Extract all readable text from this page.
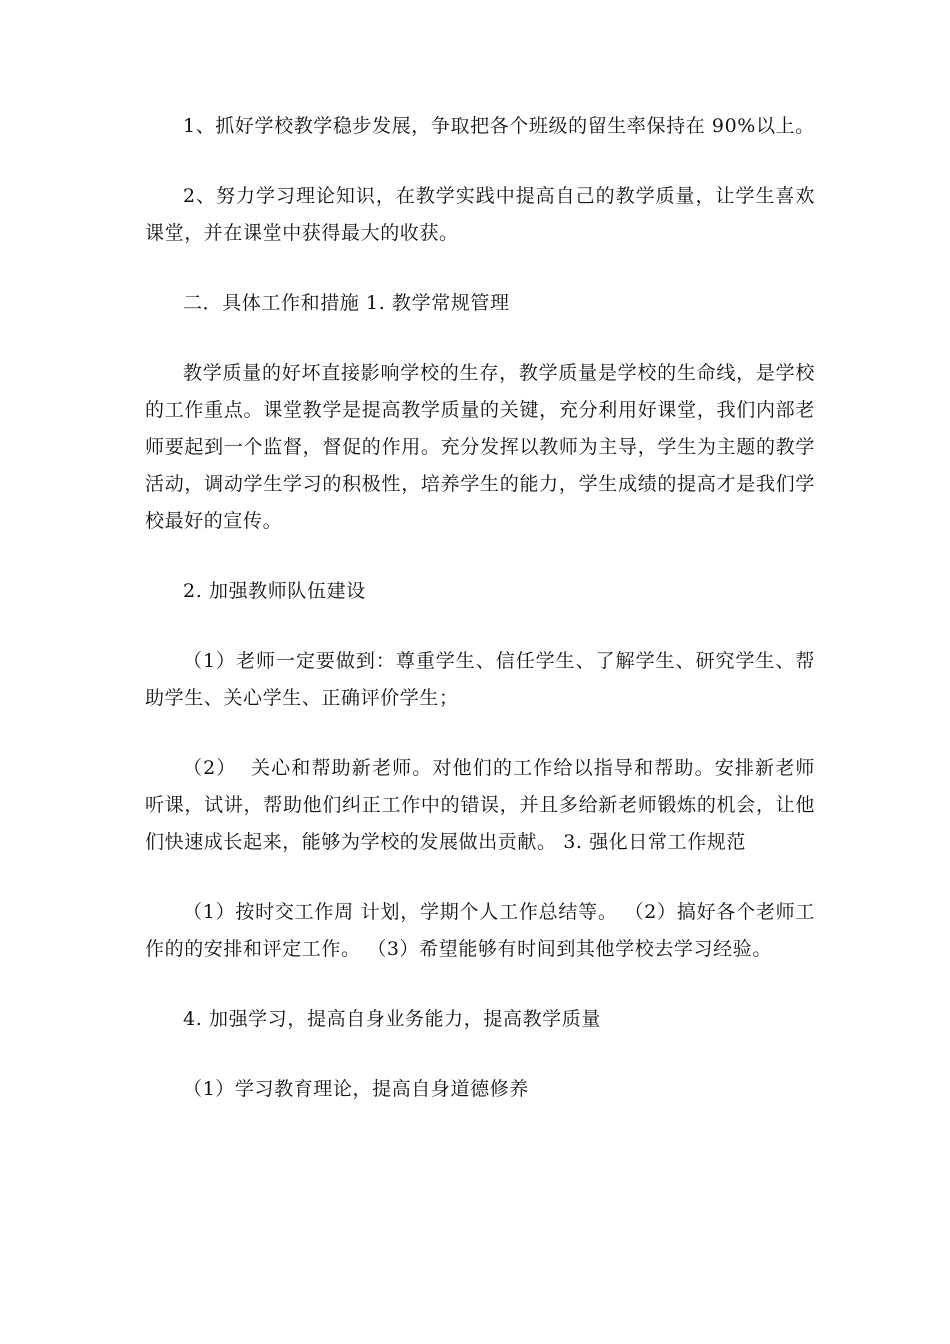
1、抓好学校教学稳步发展，争取把各个班级的留生率保持在 90%以上。

2、努力学习理论知识，在教学实践中提高自己的教学质量，让学生喜欢课堂，并在课堂中获得最大的收获。

二．具体工作和措施 1. 教学常规管理

教学质量的好坏直接影响学校的生存，教学质量是学校的生命线，是学校的工作重点。课堂教学是提高教学质量的关键，充分利用好课堂，我们内部老师要起到一个监督，督促的作用。充分发挥以教师为主导，学生为主题的教学活动，调动学生学习的积极性，培养学生的能力，学生成绩的提高才是我们学校最好的宣传。

2. 加强教师队伍建设

（1）老师一定要做到：尊重学生、信任学生、了解学生、研究学生、帮助学生、关心学生、正确评价学生；

（2）  关心和帮助新老师。对他们的工作给以指导和帮助。安排新老师听课，试讲，帮助他们纠正工作中的错误，并且多给新老师锻炼的机会，让他们快速成长起来，能够为学校的发展做出贡献。 3. 强化日常工作规范

（1）按时交工作周 计划，学期个人工作总结等。 （2）搞好各个老师工作的的安排和评定工作。 （3）希望能够有时间到其他学校去学习经验。

4. 加强学习，提高自身业务能力，提高教学质量

（1）学习教育理论，提高自身道德修养
